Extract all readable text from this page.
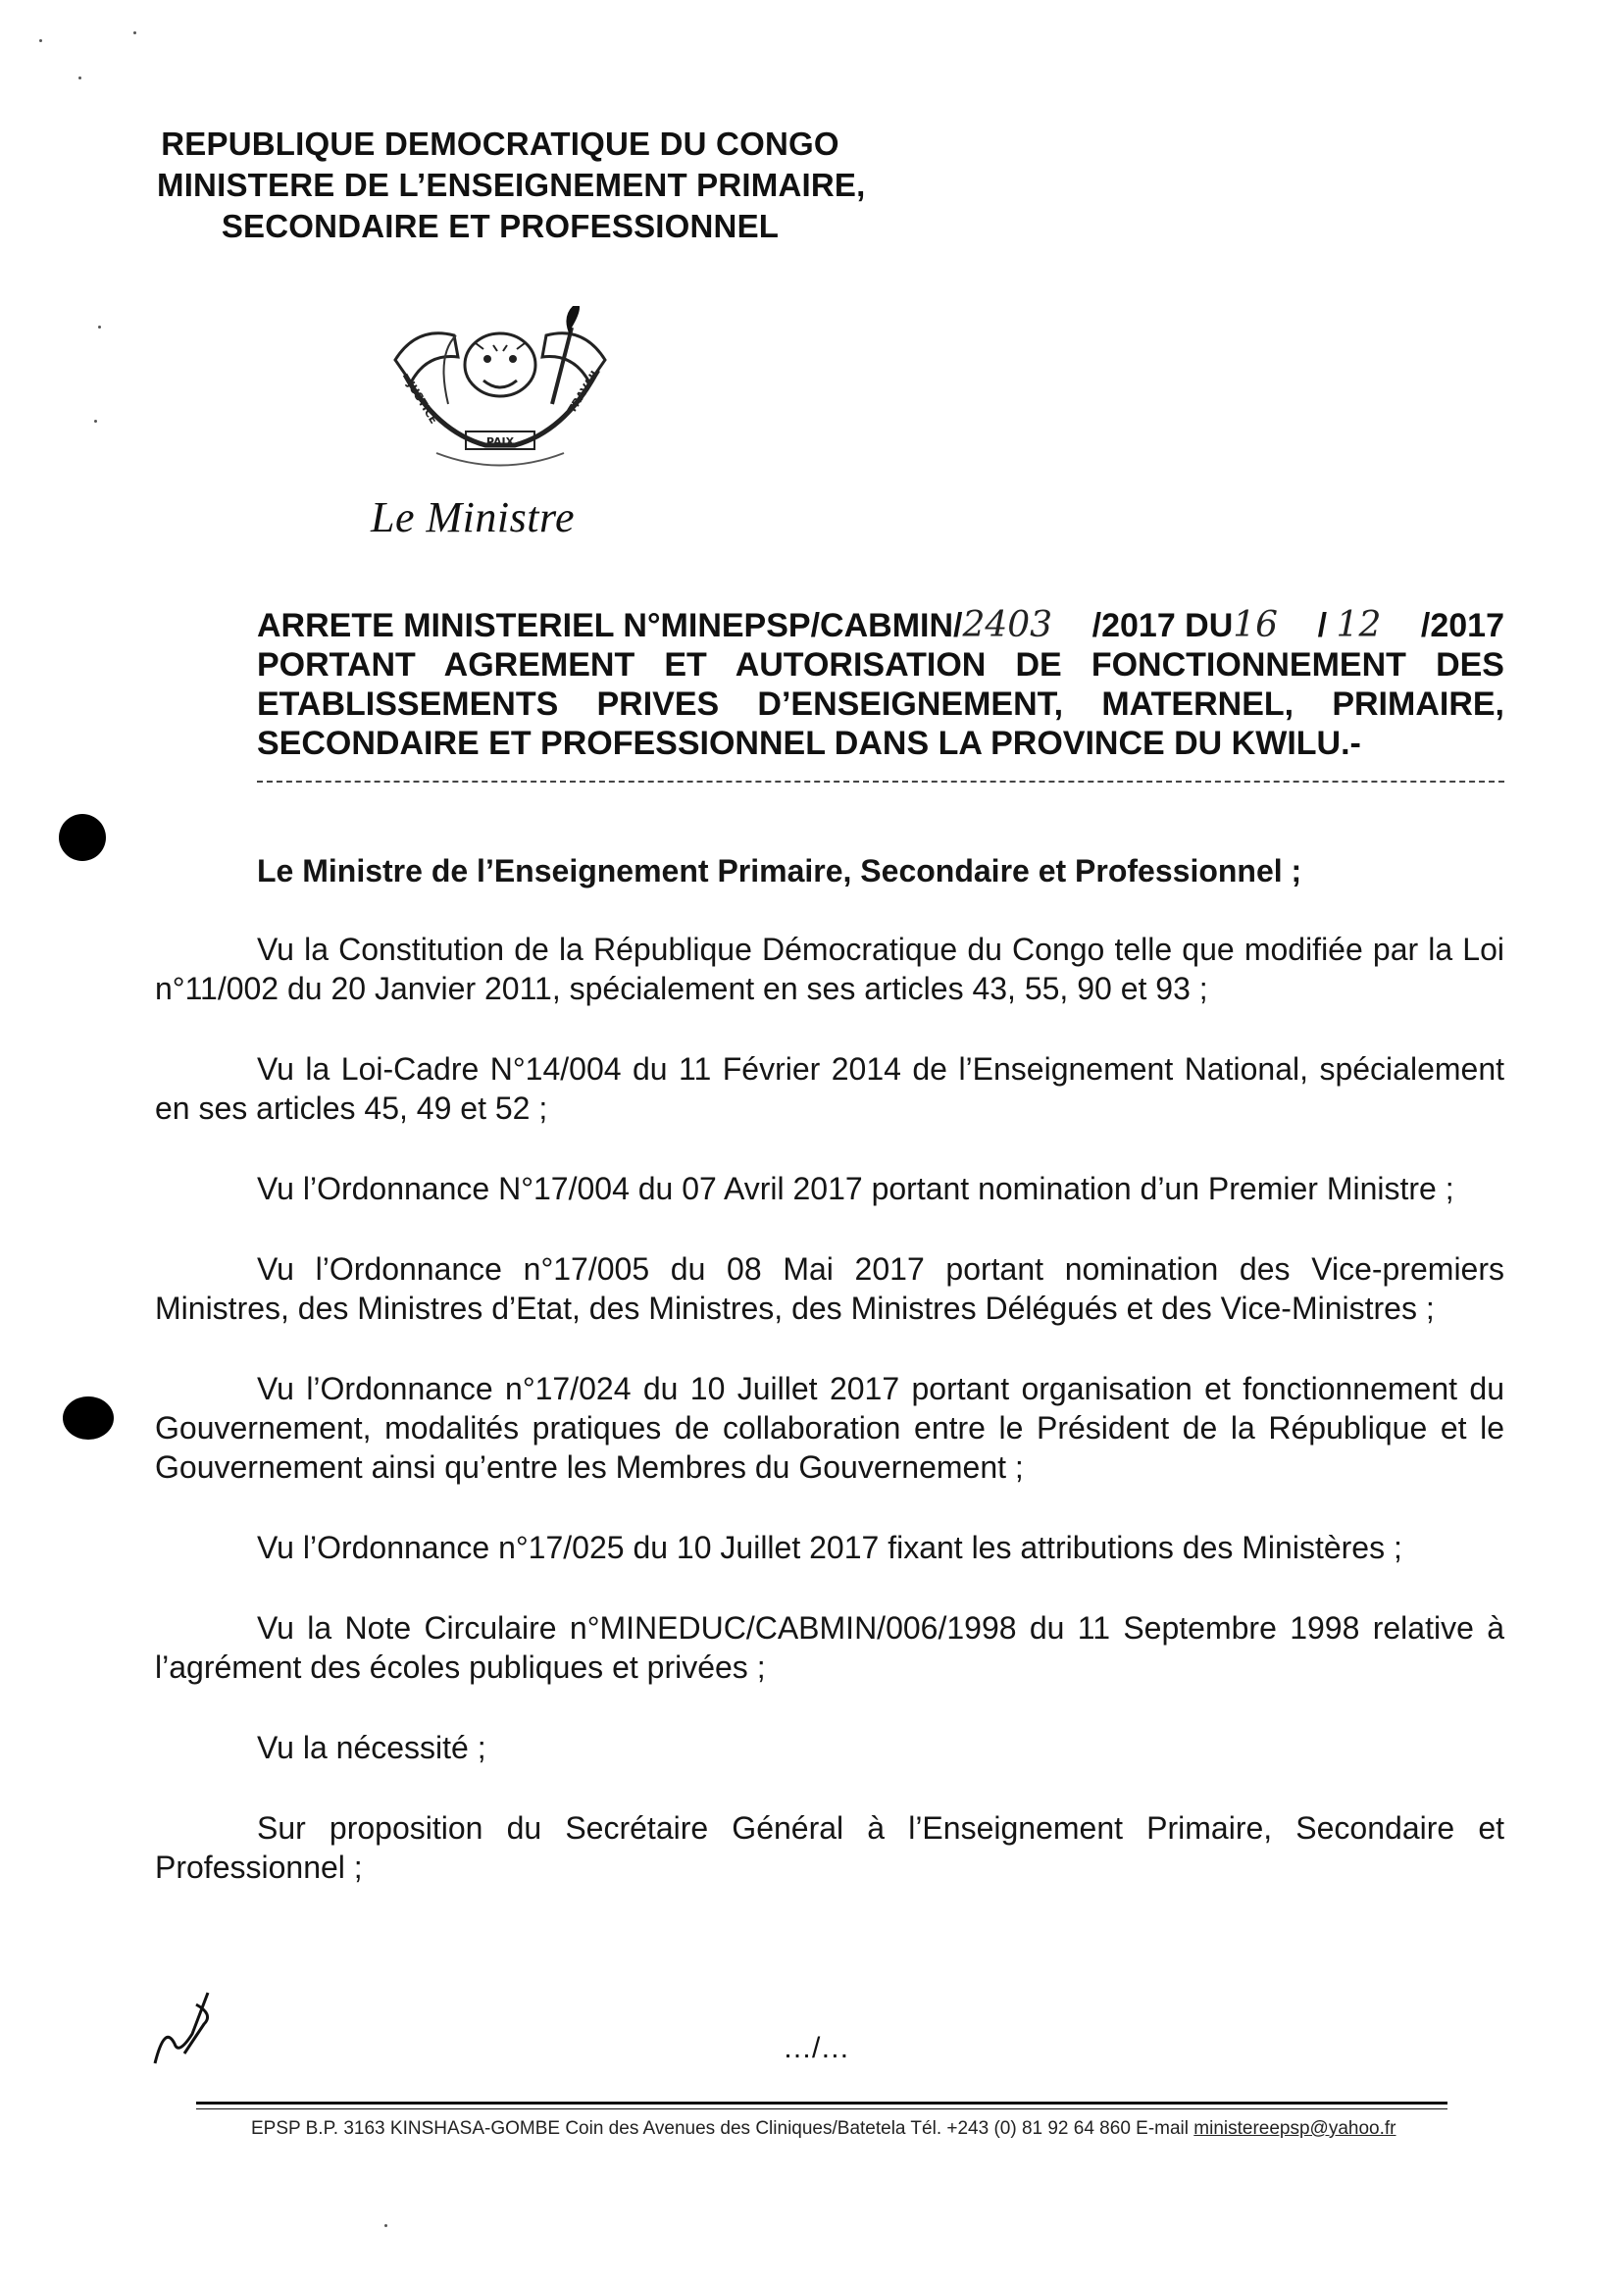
REPUBLIQUE DEMOCRATIQUE DU CONGO
MINISTERE DE L’ENSEIGNEMENT PRIMAIRE,
SECONDAIRE ET PROFESSIONNEL
PAIX
JUSTICE	TRAVAIL
Le Ministre
ARRETE MINISTERIEL N°MINEPSP/CABMIN/2403 /2017 DU16 / 12 /2017
PORTANT AGREMENT ET AUTORISATION DE FONCTIONNEMENT DES
ETABLISSEMENTS PRIVES D’ENSEIGNEMENT, MATERNEL, PRIMAIRE,
SECONDAIRE ET PROFESSIONNEL DANS LA PROVINCE DU KWILU.-

Le Ministre de l’Enseignement Primaire, Secondaire et Professionnel ;

Vu la Constitution de la République Démocratique du Congo telle que modifiée par la Loi n°11/002 du 20 Janvier 2011, spécialement en ses articles 43, 55, 90 et 93 ;

Vu la Loi-Cadre N°14/004 du 11 Février 2014 de l’Enseignement National, spécialement en ses articles 45, 49 et 52 ;

Vu l’Ordonnance N°17/004 du 07 Avril 2017 portant nomination d’un Premier Ministre ;

Vu l’Ordonnance n°17/005 du 08 Mai 2017 portant nomination des Vice-premiers Ministres, des Ministres d’Etat, des Ministres, des Ministres Délégués et des Vice-Ministres ;

Vu l’Ordonnance n°17/024 du 10 Juillet 2017 portant organisation et fonctionnement du Gouvernement, modalités pratiques de collaboration entre le Président de la République et le Gouvernement ainsi qu’entre les Membres du Gouvernement ;

Vu l’Ordonnance n°17/025 du 10 Juillet 2017 fixant les attributions des Ministères ;

Vu la Note Circulaire n°MINEDUC/CABMIN/006/1998 du 11 Septembre 1998 relative à l’agrément des écoles publiques et privées ;

Vu la nécessité ;

Sur proposition du Secrétaire Général à l’Enseignement Primaire, Secondaire et Professionnel ;

…/…
EPSP B.P. 3163 KINSHASA-GOMBE Coin des Avenues des Cliniques/Batetela Tél. +243 (0) 81 92 64 860 E-mail ministereepsp@yahoo.fr
